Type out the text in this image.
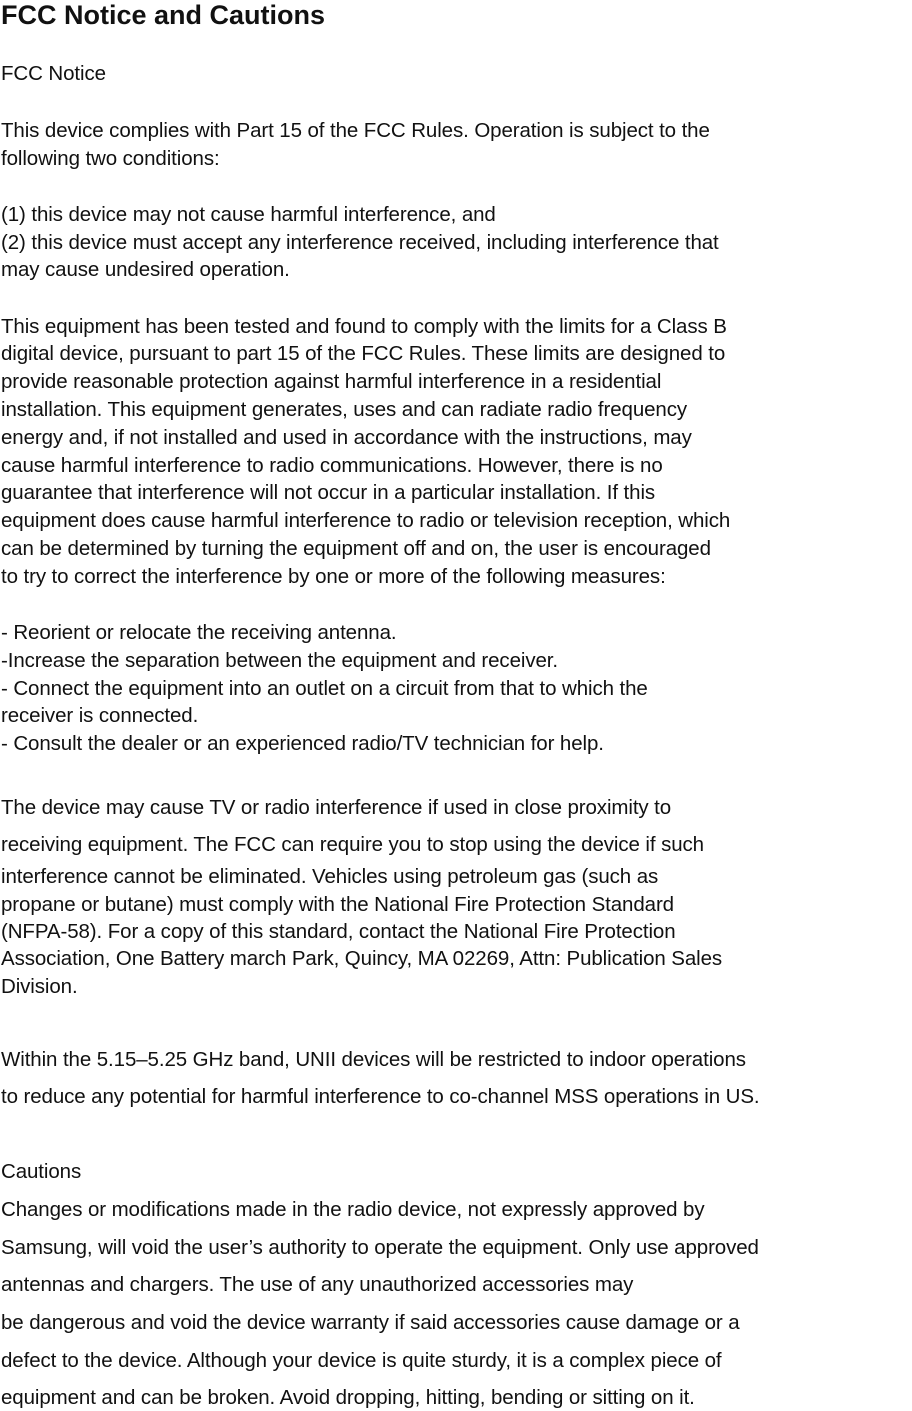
FCC Notice and Cautions
FCC Notice
This device complies with Part 15 of the FCC Rules. Operation is subject to the
following two conditions:
(1) this device may not cause harmful interference, and
(2) this device must accept any interference received, including interference that
may cause undesired operation.
This equipment has been tested and found to comply with the limits for a Class B
digital device, pursuant to part 15 of the FCC Rules. These limits are designed to
provide reasonable protection against harmful interference in a residential
installation. This equipment generates, uses and can radiate radio frequency
energy and, if not installed and used in accordance with the instructions, may
cause harmful interference to radio communications. However, there is no
guarantee that interference will not occur in a particular installation. If this
equipment does cause harmful interference to radio or television reception, which
can be determined by turning the equipment off and on, the user is encouraged
to try to correct the interference by one or more of the following measures:
- Reorient or relocate the receiving antenna.
-Increase the separation between the equipment and receiver.
- Connect the equipment into an outlet on a circuit from that to which the
receiver is connected.
- Consult the dealer or an experienced radio/TV technician for help.
The device may cause TV or radio interference if used in close proximity to
receiving equipment. The FCC can require you to stop using the device if such
interference cannot be eliminated. Vehicles using petroleum gas (such as
propane or butane) must comply with the National Fire Protection Standard
(NFPA-58). For a copy of this standard, contact the National Fire Protection
Association, One Battery march Park, Quincy, MA 02269, Attn: Publication Sales
Division.
Within the 5.15–5.25 GHz band, UNII devices will be restricted to indoor operations
to reduce any potential for harmful interference to co-channel MSS operations in US.
Cautions
Changes or modifications made in the radio device, not expressly approved by
Samsung, will void the user’s authority to operate the equipment. Only use approved
antennas and chargers. The use of any unauthorized accessories may
be dangerous and void the device warranty if said accessories cause damage or a
defect to the device. Although your device is quite sturdy, it is a complex piece of
equipment and can be broken. Avoid dropping, hitting, bending or sitting on it.
